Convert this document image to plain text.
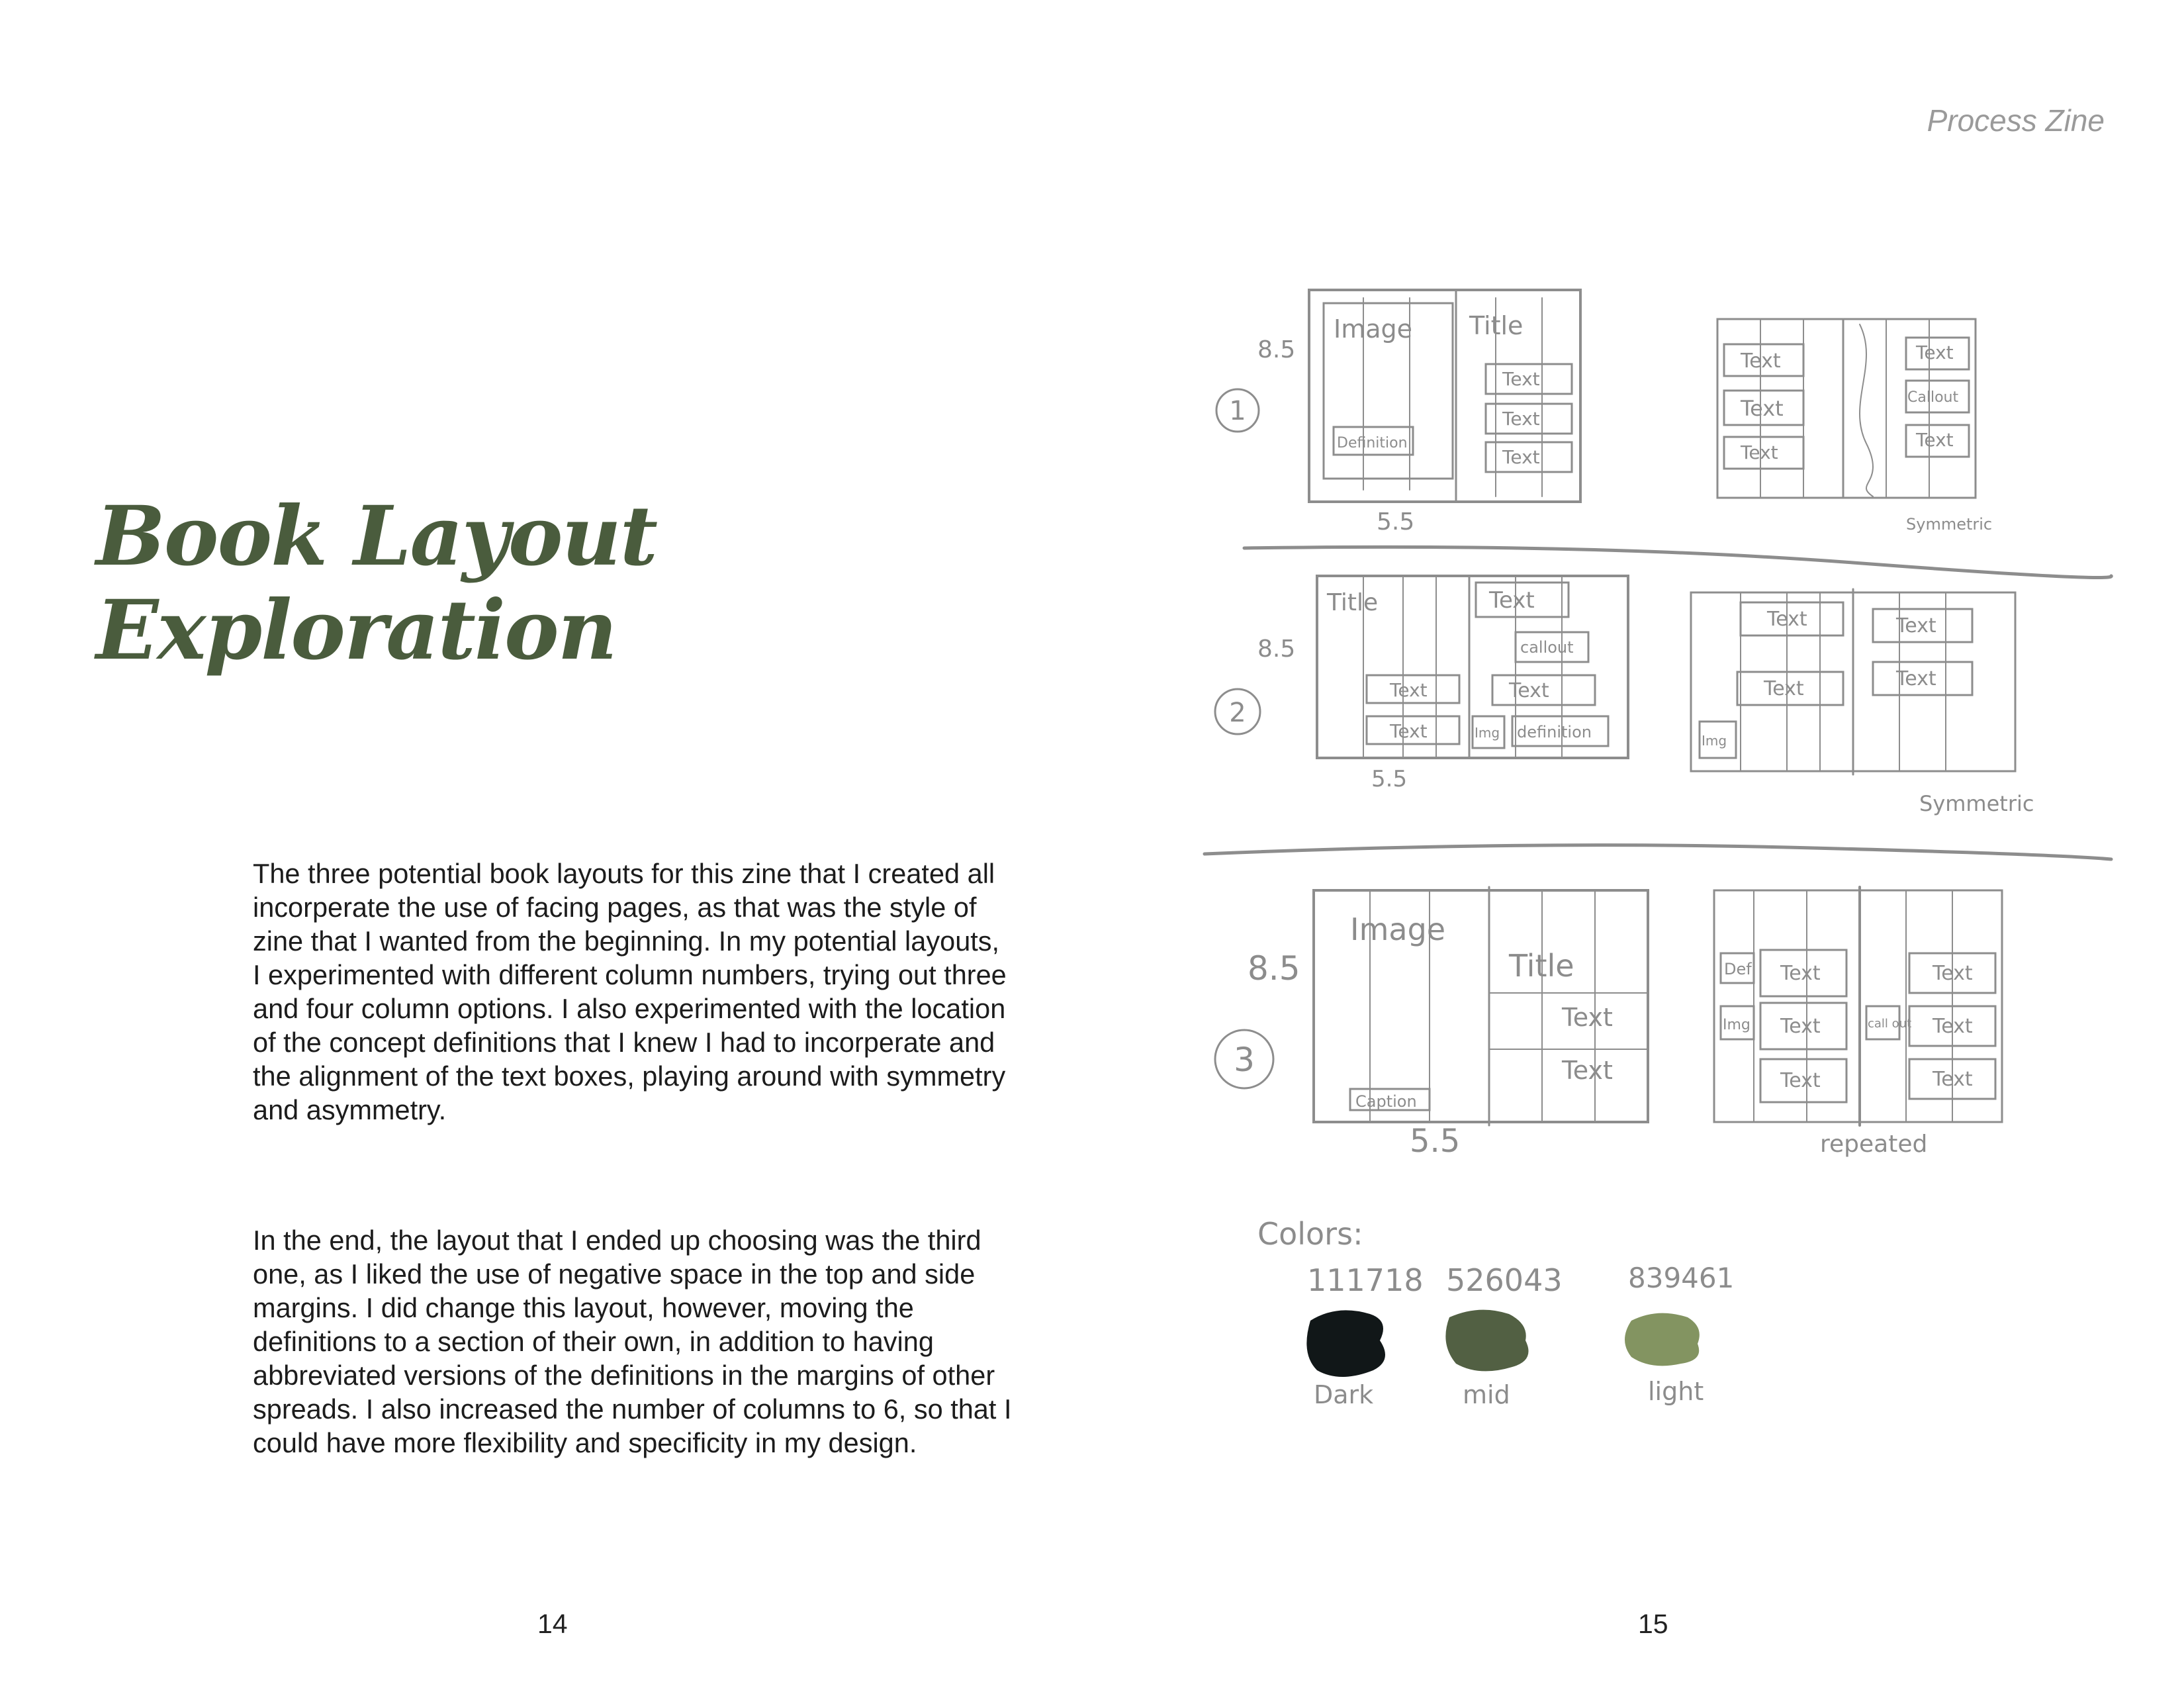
Process Zine
Book Layout
Exploration

The three potential book layouts for this zine that I created all incorperate the use of facing pages, as that was the style of zine that I wanted from the beginning. In my potential layouts, I experimented with different column numbers, trying out three and four column options. I also experimented with the location of the concept definitions that I knew I had to incorperate and the alignment of the text boxes, playing around with symmetry and asymmetry.

In the end, the layout that I ended up choosing was the third one, as I liked the use of negative space in the top and side margins. I did change this layout, however, moving the definitions to a section of their own, in addition to having abbreviated versions of the definitions in the margins of other spreads. I also increased the number of columns to 6, so that I could have more flexibility and specificity in my design.

14	15
1
8.5
5.5
Image
Definition
Title
Text
Text
Text
Text
Text
Text
Text
Callout
Text
Symmetric
2
8.5
5.5
Title
Text
Text
Text
callout
Text
Img definition
Text
Text
Text
Text
Img
Symmetric
3
8.5
5.5
Image
Caption
Title
Text
Text
Def Text
Img Text
Text
call out
Text
Text
Text
repeated
Colors:
111718
Dark
526043
mid
839461
light
